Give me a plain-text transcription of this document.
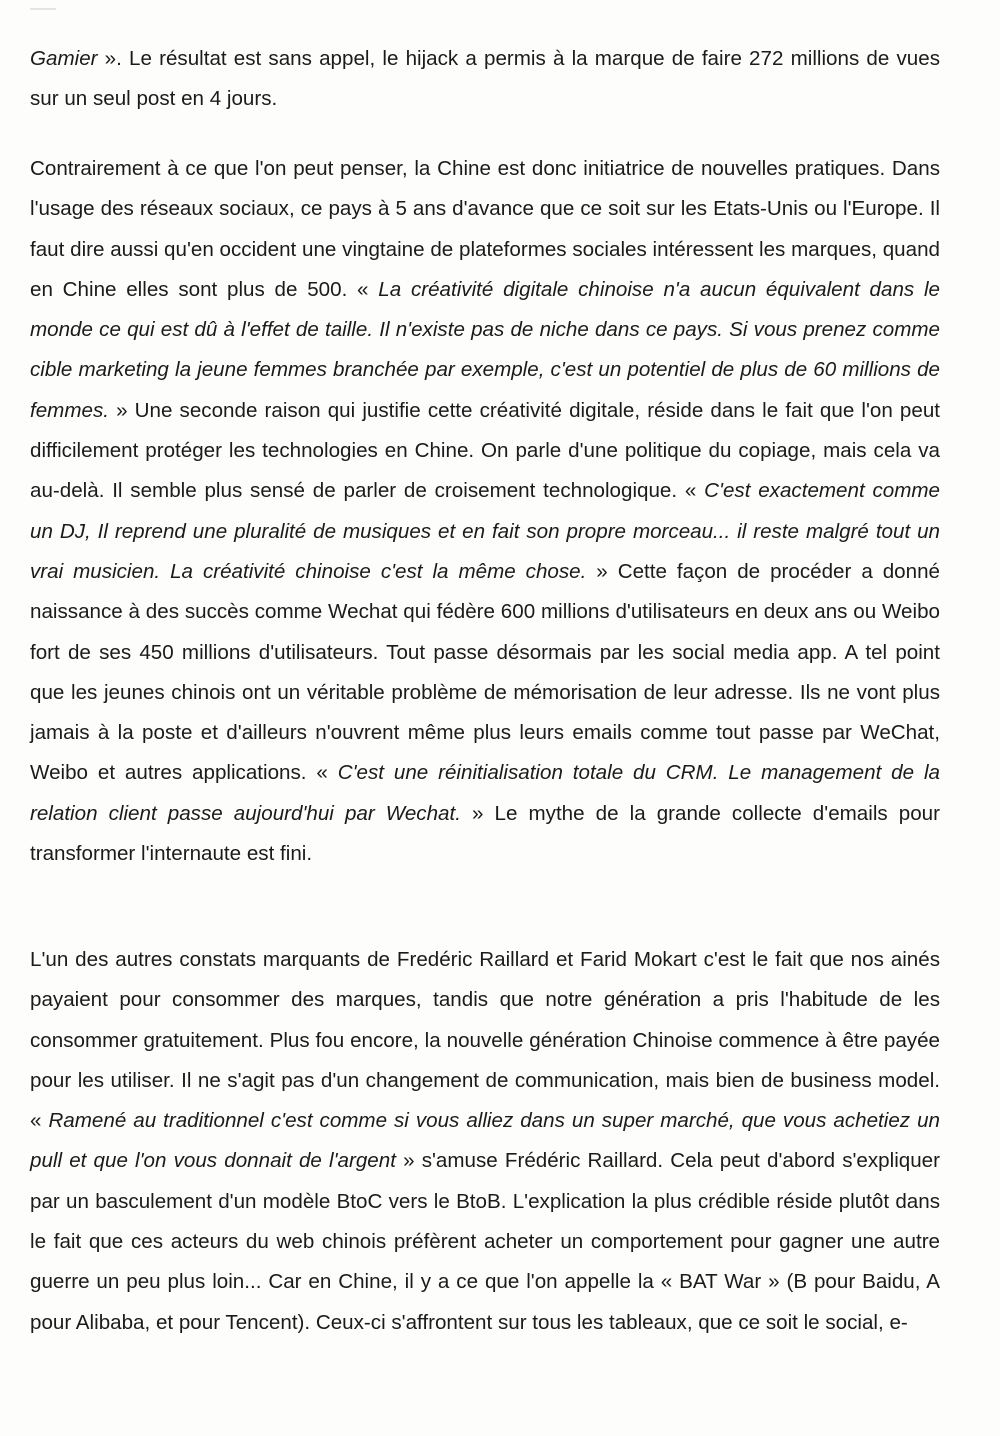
Gamier ». Le résultat est sans appel, le hijack a permis à la marque de faire 272 millions de vues sur un seul post en 4 jours.

Contrairement à ce que l'on peut penser, la Chine est donc initiatrice de nouvelles pratiques. Dans l'usage des réseaux sociaux, ce pays à 5 ans d'avance que ce soit sur les Etats-Unis ou l'Europe. Il faut dire aussi qu'en occident une vingtaine de plateformes sociales intéressent les marques, quand en Chine elles sont plus de 500. « La créativité digitale chinoise n'a aucun équivalent dans le monde ce qui est dû à l'effet de taille. Il n'existe pas de niche dans ce pays. Si vous prenez comme cible marketing la jeune femmes branchée par exemple, c'est un potentiel de plus de 60 millions de femmes. » Une seconde raison qui justifie cette créativité digitale, réside dans le fait que l'on peut difficilement protéger les technologies en Chine. On parle d'une politique du copiage, mais cela va au-delà. Il semble plus sensé de parler de croisement technologique. « C'est exactement comme un DJ, Il reprend une pluralité de musiques et en fait son propre morceau... il reste malgré tout un vrai musicien. La créativité chinoise c'est la même chose. » Cette façon de procéder a donné naissance à des succès comme Wechat qui fédère 600 millions d'utilisateurs en deux ans ou Weibo fort de ses 450 millions d'utilisateurs. Tout passe désormais par les social media app. A tel point que les jeunes chinois ont un véritable problème de mémorisation de leur adresse. Ils ne vont plus jamais à la poste et d'ailleurs n'ouvrent même plus leurs emails comme tout passe par WeChat, Weibo et autres applications. « C'est une réinitialisation totale du CRM. Le management de la relation client passe aujourd'hui par Wechat. » Le mythe de la grande collecte d'emails pour transformer l'internaute est fini.

L'un des autres constats marquants de Fredéric Raillard et Farid Mokart c'est le fait que nos ainés payaient pour consommer des marques, tandis que notre génération a pris l'habitude de les consommer gratuitement. Plus fou encore, la nouvelle génération Chinoise commence à être payée pour les utiliser. Il ne s'agit pas d'un changement de communication, mais bien de business model. « Ramené au traditionnel c'est comme si vous alliez dans un super marché, que vous achetiez un pull et que l'on vous donnait de l'argent » s'amuse Frédéric Raillard. Cela peut d'abord s'expliquer par un basculement d'un modèle BtoC vers le BtoB. L'explication la plus crédible réside plutôt dans le fait que ces acteurs du web chinois préfèrent acheter un comportement pour gagner une autre guerre un peu plus loin... Car en Chine, il y a ce que l'on appelle la « BAT War » (B pour Baidu, A pour Alibaba, et pour Tencent). Ceux-ci s'affrontent sur tous les tableaux, que ce soit le social, e-
